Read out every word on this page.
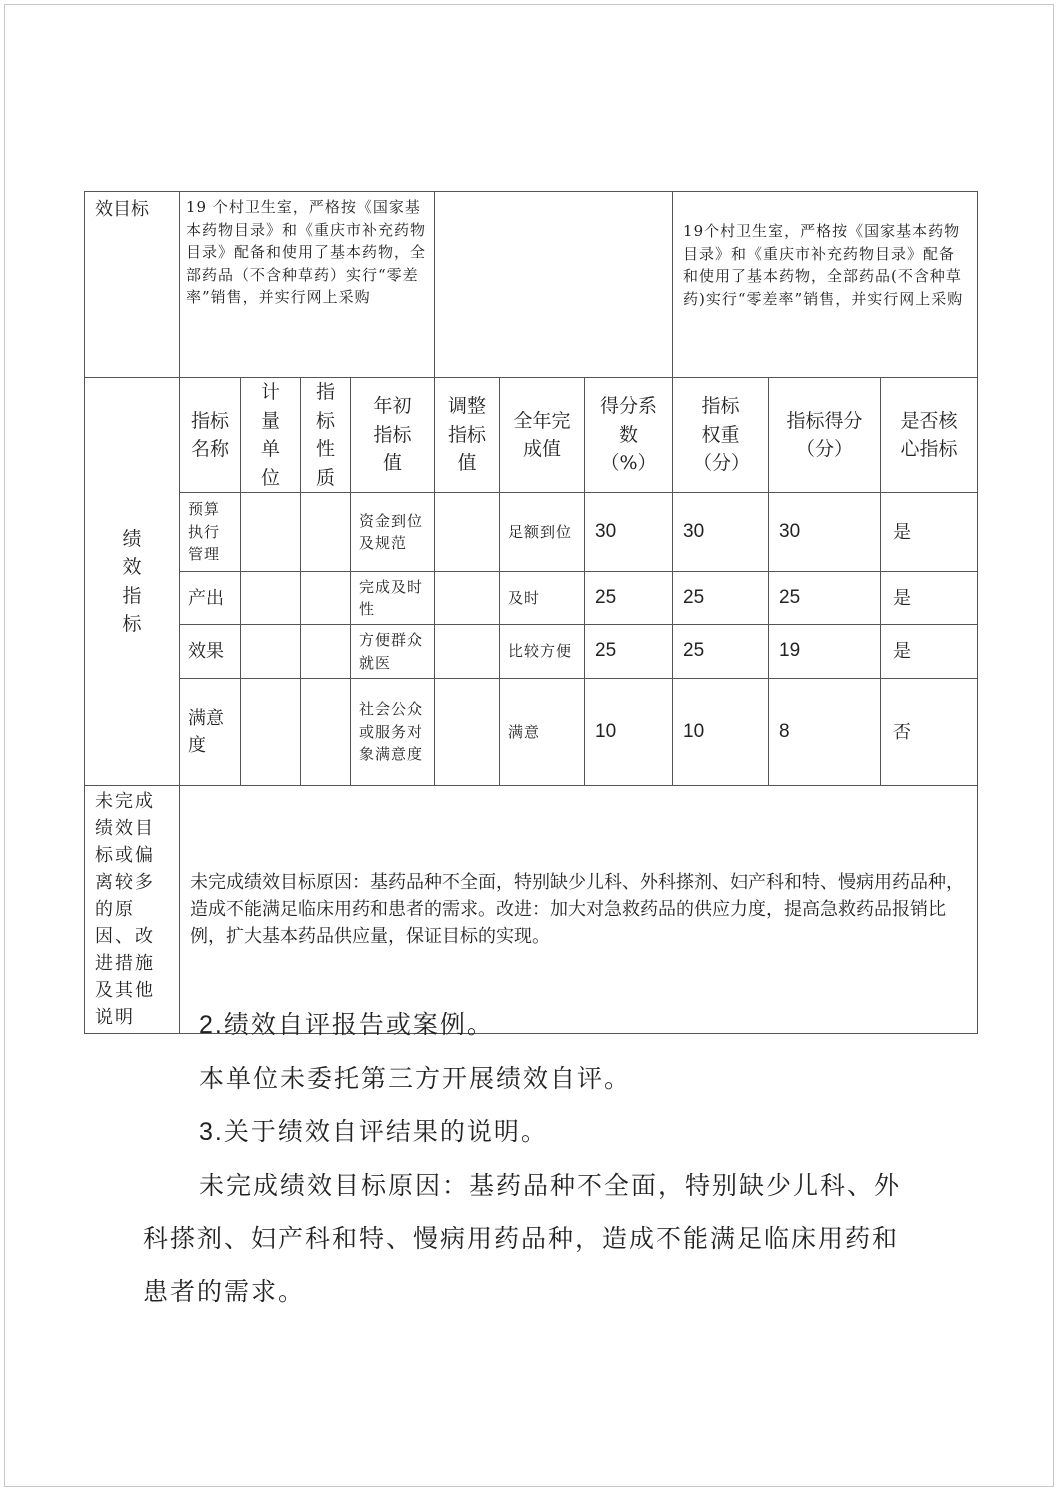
效目标	19 个村卫生室，严格按《国家基本药物目录》和《重庆市补充药物目录》配备和使用了基本药物，全部药品（不含种草药）实行“零差率”销售，并实行网上采购							19个村卫生室，严格按《国家基本药物目录》和《重庆市补充药物目录》配备和使用了基本药物，全部药品(不含种草药)实行“零差率”销售，并实行网上采购		

绩效指标	指标名称	计量单位	指标性质	年初指标值	调整指标值	全年完成值	得分系数（%）	指标权重（分）	指标得分（分）	是否核心指标
	预算执行管理			资金到位及规范		足额到位	30	30	30	是
	产出			完成及时性		及时	25	25	25	是
	效果			方便群众就医		比较方便	25	25	19	是
	满意度			社会公众或服务对象满意度		满意	10	10	8	否
未完成绩效目标或偏离较多的原因、改进措施及其他说明	未完成绩效目标原因：基药品种不全面，特别缺少儿科、外科搽剂、妇产科和特、慢病用药品种，造成不能满足临床用药和患者的需求。改进：加大对急救药品的供应力度，提高急救药品报销比例，扩大基本药品供应量，保证目标的实现。									

2.绩效自评报告或案例。

本单位未委托第三方开展绩效自评。

3.关于绩效自评结果的说明。

未完成绩效目标原因：基药品种不全面，特别缺少儿科、外科搽剂、妇产科和特、慢病用药品种，造成不能满足临床用药和患者的需求。
